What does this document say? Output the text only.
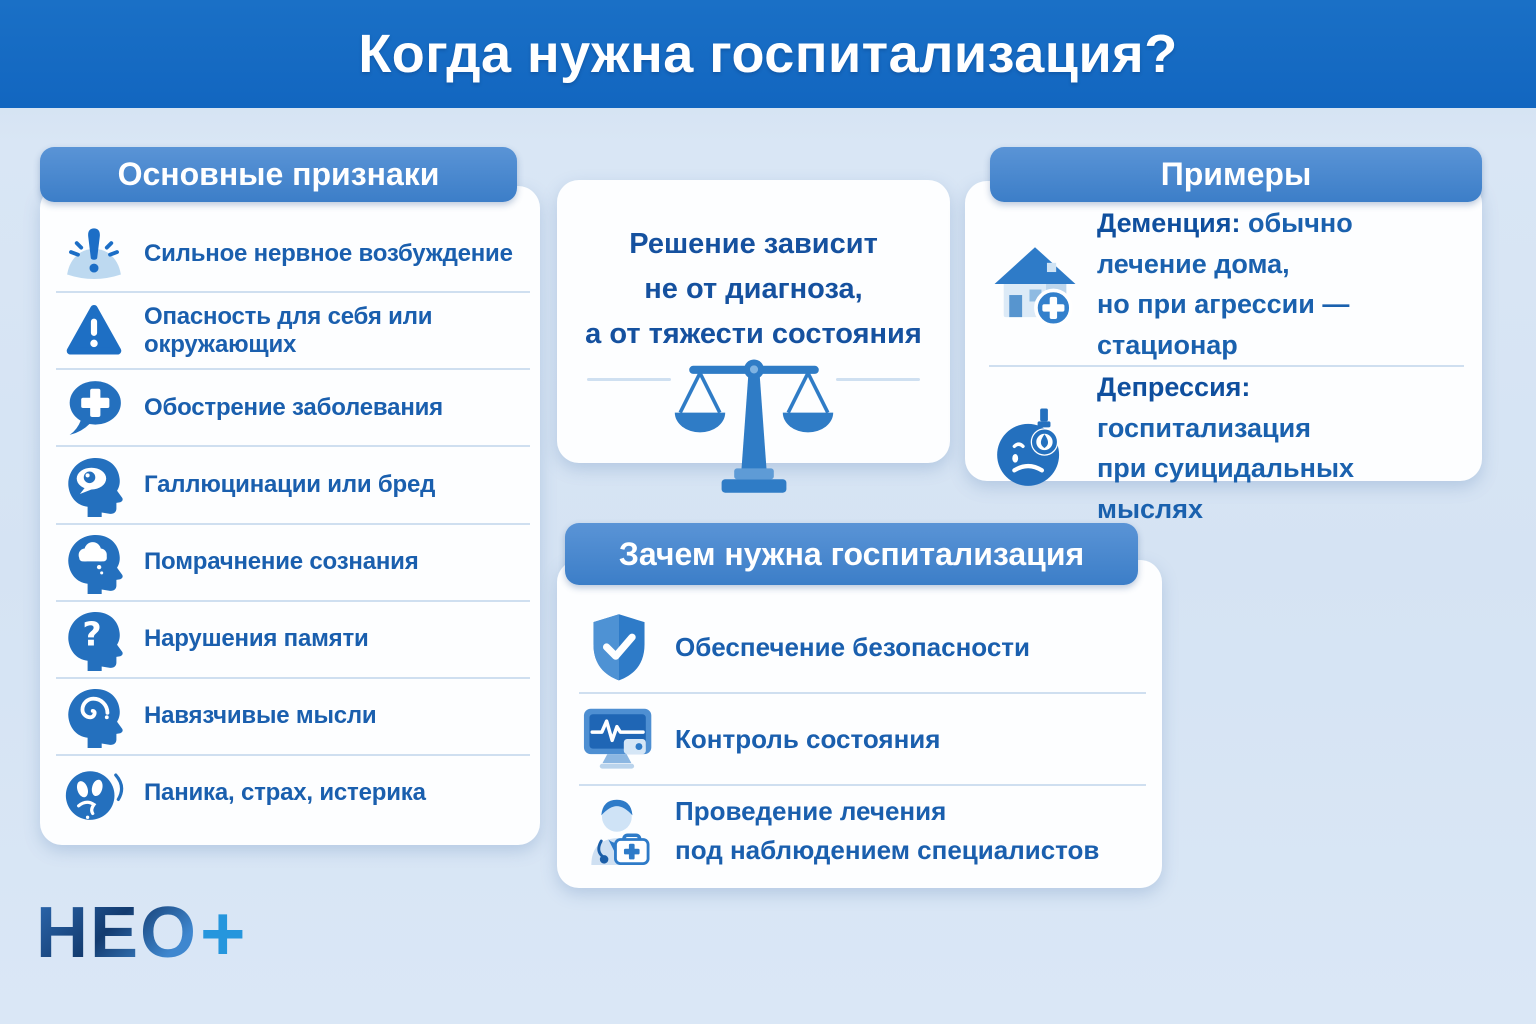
Когда нужна госпитализация?
Основные признаки
Сильное нервное возбуждение
Опасность для себя или окружающих
Обострение заболевания
Галлюцинации или бред
Помрачнение сознания
? Нарушения памяти
Навязчивые мысли
Паника, страх, истерика
Решение зависит
не от диагноза,
а от тяжести состояния
Примеры
Деменция: обычно лечение дома,
но при агрессии — стационар
Депрессия: госпитализация
при суицидальных мыслях
Зачем нужна госпитализация
Обеспечение безопасности
Контроль состояния
Проведение лечения
под наблюдением специалистов
НЕО +
